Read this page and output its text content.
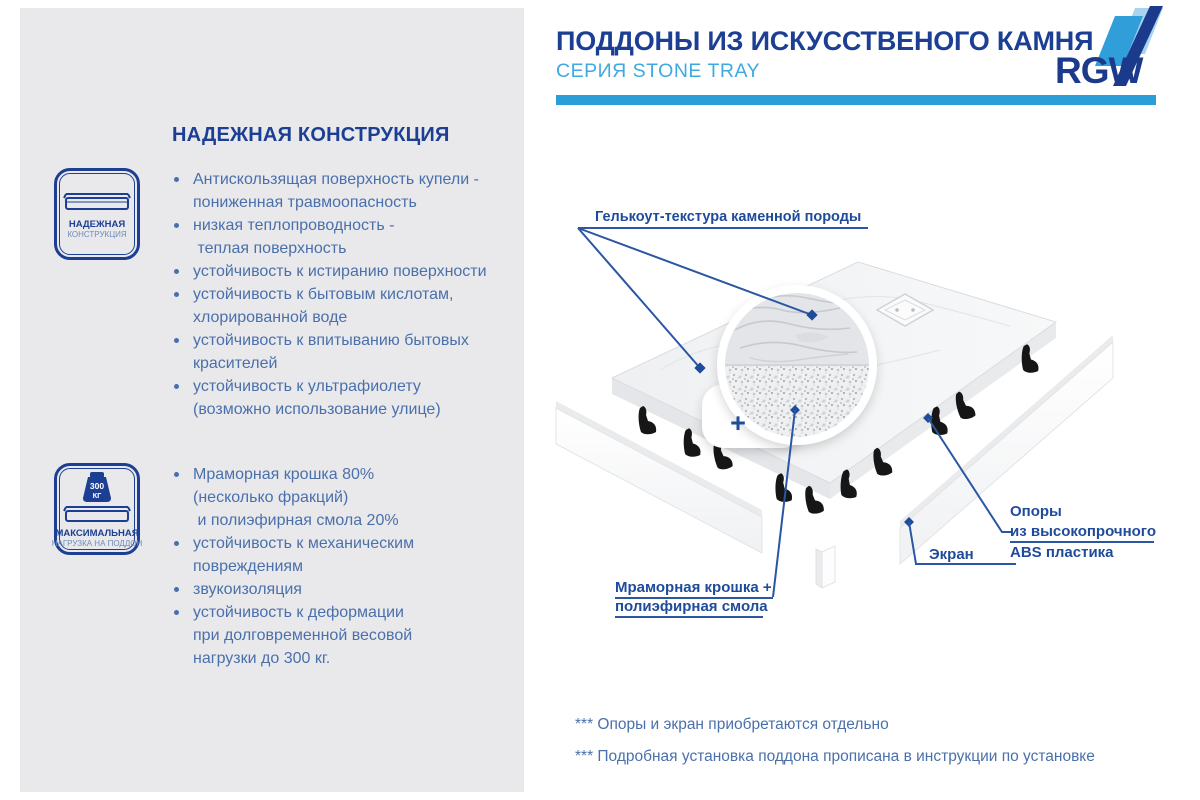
НАДЕЖНАЯ КОНСТРУКЦИЯ
НАДЕЖНАЯ
КОНСТРУКЦИЯ
Антискользящая поверхность купели -
пониженная травмоопасность
низкая теплопроводность -
теплая поверхность
устойчивость к истиранию поверхности
устойчивость к бытовым кислотам,
хлорированной воде
устойчивость к впитыванию бытовых
красителей
устойчивость к ультрафиолету
(возможно использование улице)
300
КГ
МАКСИМАЛЬНАЯ
НАГРУЗКА НА ПОДДОН
Мраморная крошка 80%
(несколько фракций)
и полиэфирная смола 20%
устойчивость к механическим
повреждениям
звукоизоляция
устойчивость к деформации
при долговременной весовой
нагрузки до 300 кг.
ПОДДОНЫ ИЗ ИСКУССТВЕНОГО КАМНЯ
СЕРИЯ STONE TRAY	RGW
+
Гелькоут-текстура каменной породы
Мраморная крошка +
полиэфирная смола
Опоры
из высокопрочного
ABS пластика
Экран
*** Опоры и экран приобретаются отдельно
*** Подробная установка поддона прописана в инструкции по установке
